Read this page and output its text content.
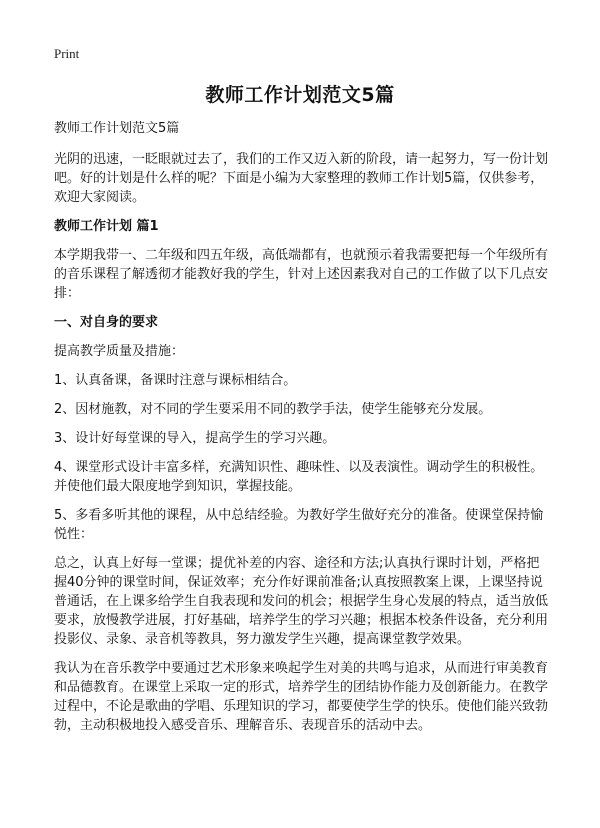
Print
教师工作计划范文5篇

教师工作计划范文5篇

光阴的迅速，一眨眼就过去了，我们的工作又迈入新的阶段，请一起努力，写一份计划吧。好的计划是什么样的呢？下面是小编为大家整理的教师工作计划5篇，仅供参考，欢迎大家阅读。

教师工作计划 篇1

本学期我带一、二年级和四五年级，高低端都有，也就预示着我需要把每一个年级所有的音乐课程了解透彻才能教好我的学生，针对上述因素我对自己的工作做了以下几点安排：

一、对自身的要求

提高教学质量及措施：

1、认真备课，备课时注意与课标相结合。

2、因材施教，对不同的学生要采用不同的教学手法，使学生能够充分发展。

3、设计好每堂课的导入，提高学生的学习兴趣。

4、课堂形式设计丰富多样，充满知识性、趣味性、以及表演性。调动学生的积极性。并使他们最大限度地学到知识，掌握技能。

5、多看多听其他的课程，从中总结经验。为教好学生做好充分的准备。使课堂保持愉悦性：

总之，认真上好每一堂课；提优补差的内容、途径和方法;认真执行课时计划，严格把握40分钟的课堂时间，保证效率；充分作好课前准备;认真按照教案上课，上课坚持说普通话，在上课多给学生自我表现和发问的机会；根据学生身心发展的特点，适当放低要求，放慢教学进展，打好基础，培养学生的学习兴趣；根据本校条件设备，充分利用投影仪、录象、录音机等教具，努力激发学生兴趣，提高课堂教学效果。

我认为在音乐教学中要通过艺术形象来唤起学生对美的共鸣与追求，从而进行审美教育和品德教育。在课堂上采取一定的形式，培养学生的团结协作能力及创新能力。在教学过程中，不论是歌曲的学唱、乐理知识的学习，都要使学生学的快乐。使他们能兴致勃勃，主动积极地投入感受音乐、理解音乐、表现音乐的活动中去。
